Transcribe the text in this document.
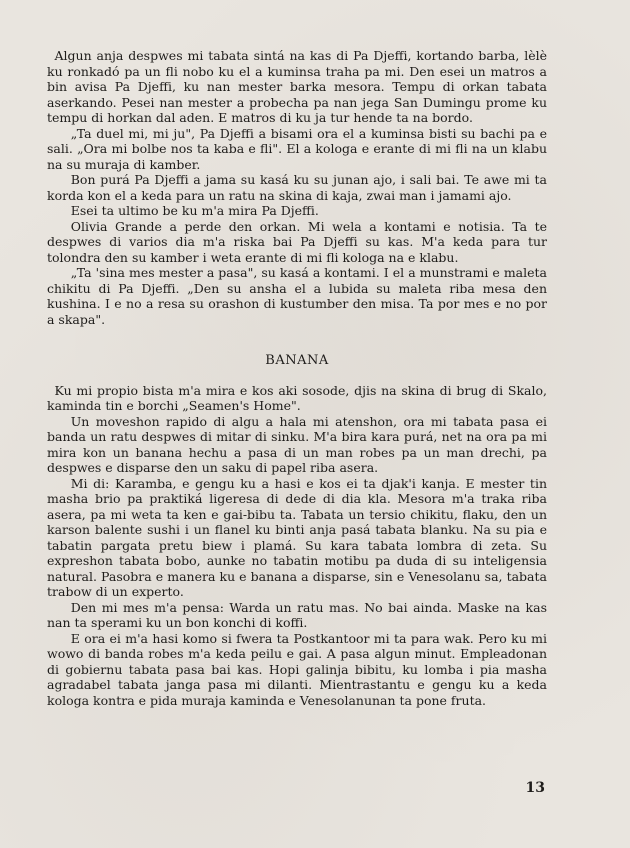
Algun anja despwes mi tabata sintá na kas di Pa Djeffi, kortando barba, lèlè ku ronkadó pa un fli nobo ku el a kuminsa traha pa mi. Den esei un matros a bin avisa Pa Djeffi, ku nan mester barka mesora. Tempu di orkan tabata aserkando. Pesei nan mester a probecha pa nan jega San Dumingu prome ku tempu di horkan dal aden. E matros di ku ja tur hende ta na bordo.

„Ta duel mi, mi ju", Pa Djeffi a bisami ora el a kuminsa bisti su bachi pa e sali. „Ora mi bolbe nos ta kaba e fli". El a kologa e erante di mi fli na un klabu na su muraja di kamber.

Bon purá Pa Djeffi a jama su kasá ku su junan ajo, i sali bai. Te awe mi ta korda kon el a keda para un ratu na skina di kaja, zwai man i jamami ajo.

Esei ta ultimo be ku m'a mira Pa Djeffi.

Olivia Grande a perde den orkan. Mi wela a kontami e notisia. Ta te despwes di varios dia m'a riska bai Pa Djeffi su kas. M'a keda para tur tolondra den su kamber i weta erante di mi fli kologa na e klabu.

„Ta 'sina mes mester a pasa", su kasá a kontami. I el a munstrami e maleta chikitu di Pa Djeffi. „Den su ansha el a lubida su maleta riba mesa den kushina. I e no a resa su orashon di kustumber den misa. Ta por mes e no por a skapa".

BANANA

Ku mi propio bista m'a mira e kos aki sosode, djis na skina di brug di Skalo, kaminda tin e borchi „Seamen's Home".

Un moveshon rapido di algu a hala mi atenshon, ora mi tabata pasa ei banda un ratu despwes di mitar di sinku. M'a bira kara purá, net na ora pa mi mira kon un banana hechu a pasa di un man robes pa un man drechi, pa despwes e disparse den un saku di papel riba asera.

Mi di: Karamba, e gengu ku a hasi e kos ei ta djak'i kanja. E mester tin masha brio pa praktiká ligeresa di dede di dia kla. Mesora m'a traka riba asera, pa mi weta ta ken e gai-bibu ta. Tabata un tersio chikitu, flaku, den un karson balente sushi i un flanel ku binti anja pasá tabata blanku. Na su pia e tabatin pargata pretu biew i plamá. Su kara tabata lombra di zeta. Su expreshon tabata bobo, aunke no tabatin motibu pa duda di su inteligensia natural. Pasobra e manera ku e banana a disparse, sin e Venesolanu sa, tabata trabow di un experto.

Den mi mes m'a pensa: Warda un ratu mas. No bai ainda. Maske na kas nan ta sperami ku un bon konchi di koffi.

E ora ei m'a hasi komo si fwera ta Postkantoor mi ta para wak. Pero ku mi wowo di banda robes m'a keda peilu e gai. A pasa algun minut. Empleadonan di gobiernu tabata pasa bai kas. Hopi galinja bibitu, ku lomba i pia masha agradabel tabata janga pasa mi dilanti. Mientrastantu e gengu ku a keda kologa kontra e pida muraja kaminda e Venesolanunan ta pone fruta.

13
